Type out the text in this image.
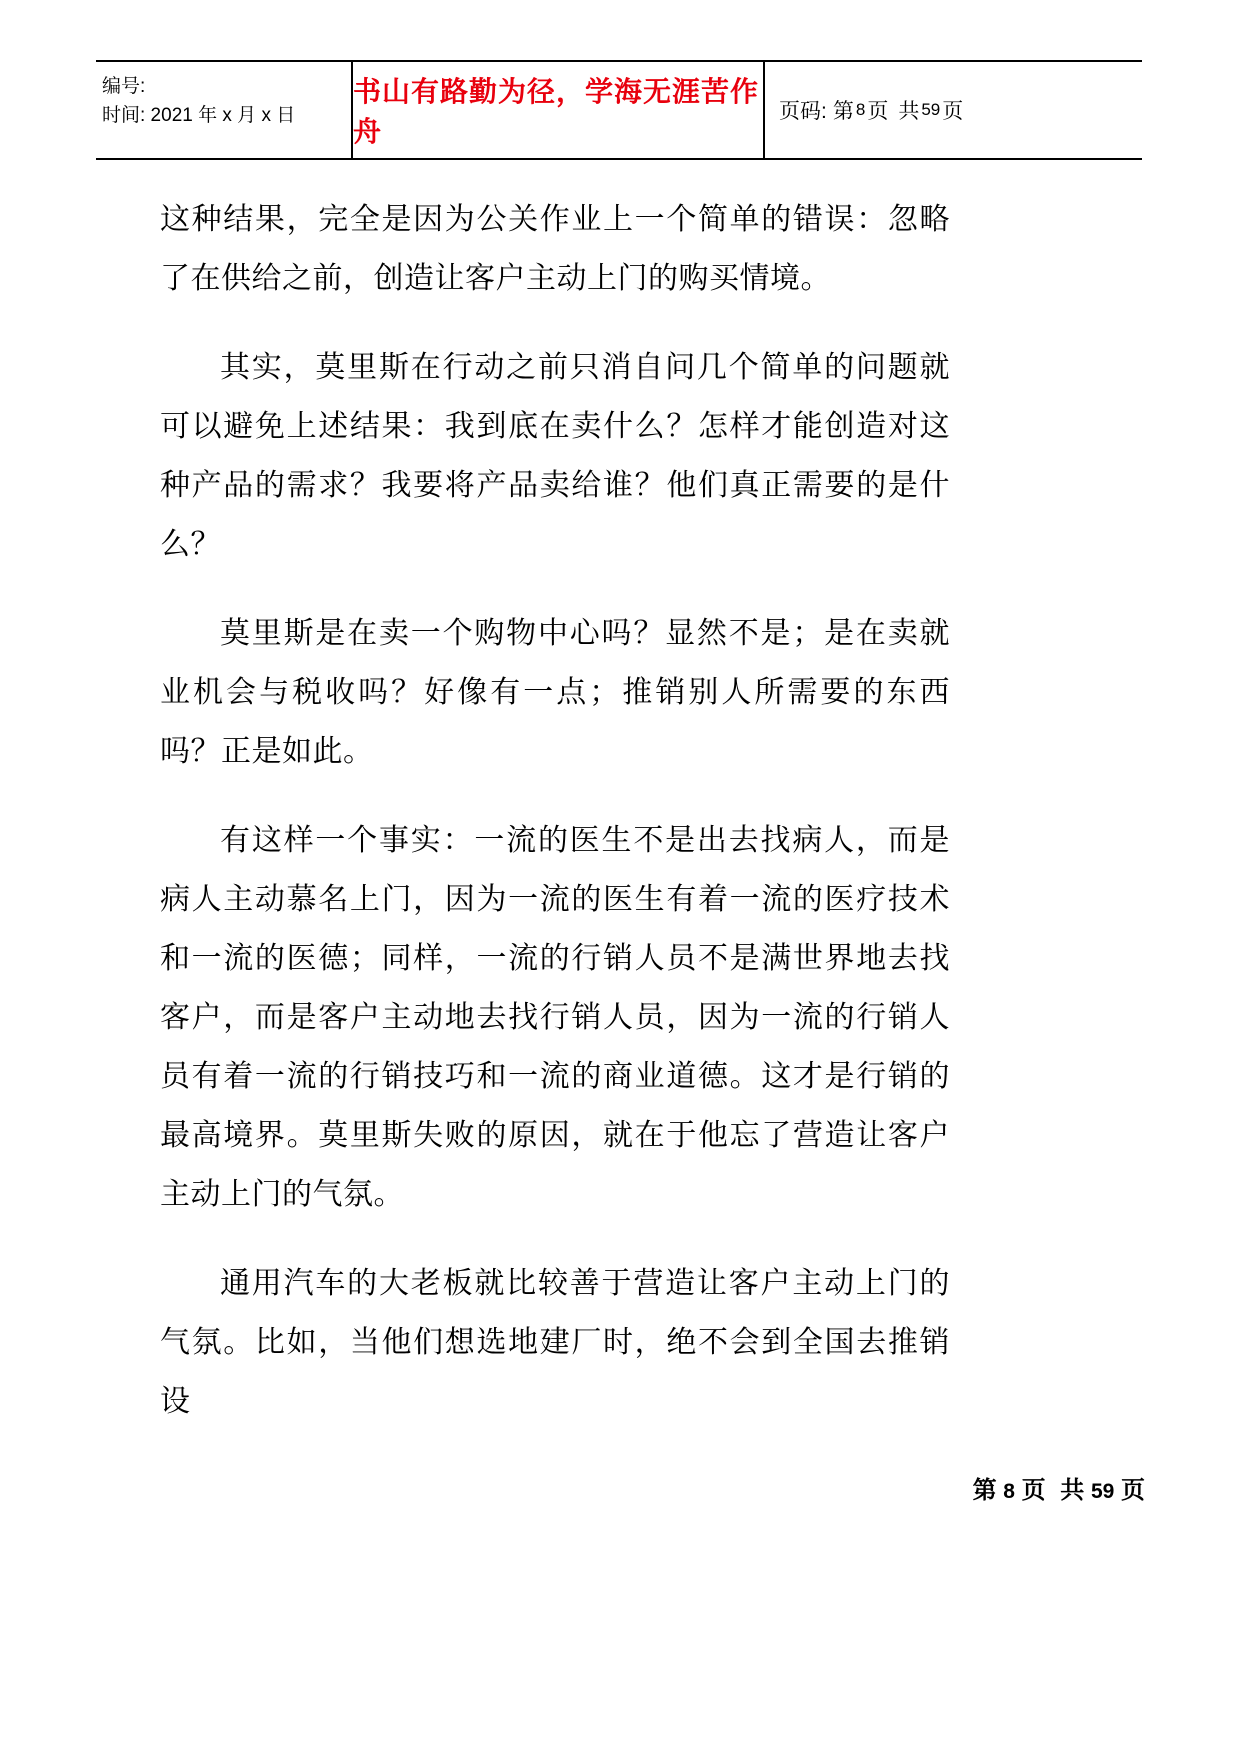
编号:
时间: 2021 年 x 月 x 日
书山有路勤为径，学海无涯苦作舟
页码: 第 8 页 共 59 页

这种结果，完全是因为公关作业上一个简单的错误：忽略了在供给之前，创造让客户主动上门的购买情境。

其实，莫里斯在行动之前只消自问几个简单的问题就可以避免上述结果：我到底在卖什么？怎样才能创造对这种产品的需求？我要将产品卖给谁？他们真正需要的是什么？

莫里斯是在卖一个购物中心吗？显然不是；是在卖就业机会与税收吗？好像有一点；推销别人所需要的东西吗？正是如此。

有这样一个事实：一流的医生不是出去找病人，而是病人主动慕名上门，因为一流的医生有着一流的医疗技术和一流的医德；同样，一流的行销人员不是满世界地去找客户，而是客户主动地去找行销人员，因为一流的行销人员有着一流的行销技巧和一流的商业道德。这才是行销的最高境界。莫里斯失败的原因，就在于他忘了营造让客户主动上门的气氛。

通用汽车的大老板就比较善于营造让客户主动上门的气氛。比如，当他们想选地建厂时，绝不会到全国去推销设

第 8 页 共 59 页
